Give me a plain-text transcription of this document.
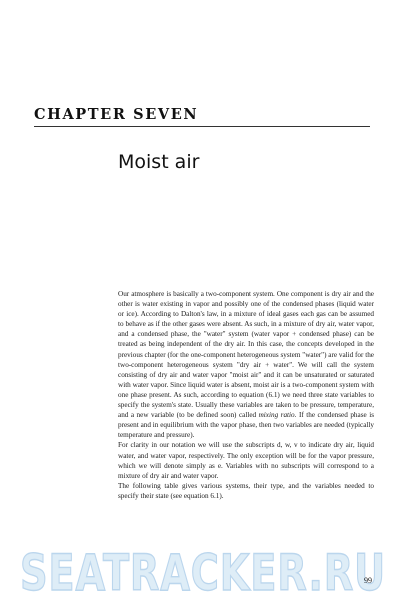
CHAPTER SEVEN
Moist air

Our atmosphere is basically a two-component system. One component is dry air and the other is water existing in vapor and possibly one of the condensed phases (liquid water or ice). According to Dalton's law, in a mixture of ideal gases each gas can be assumed to behave as if the other gases were absent. As such, in a mixture of dry air, water vapor, and a condensed phase, the "water" system (water vapor + condensed phase) can be treated as being independent of the dry air. In this case, the concepts developed in the previous chapter (for the one-component heterogeneous system "water") are valid for the two-component heterogeneous system "dry air + water". We will call the system consisting of dry air and water vapor "moist air" and it can be unsaturated or saturated with water vapor. Since liquid water is absent, moist air is a two-component system with one phase present. As such, according to equation (6.1) we need three state variables to specify the system's state. Usually these variables are taken to be pressure, temperature, and a new variable (to be defined soon) called mixing ratio. If the condensed phase is present and in equilibrium with the vapor phase, then two variables are needed (typically temperature and pressure).

For clarity in our notation we will use the subscripts d, w, v to indicate dry air, liquid water, and water vapor, respectively. The only exception will be for the vapor pressure, which we will denote simply as e. Variables with no subscripts will correspond to a mixture of dry air and water vapor.

The following table gives various systems, their type, and the variables needed to specify their state (see equation 6.1).

SEATRACKER.RU
99
